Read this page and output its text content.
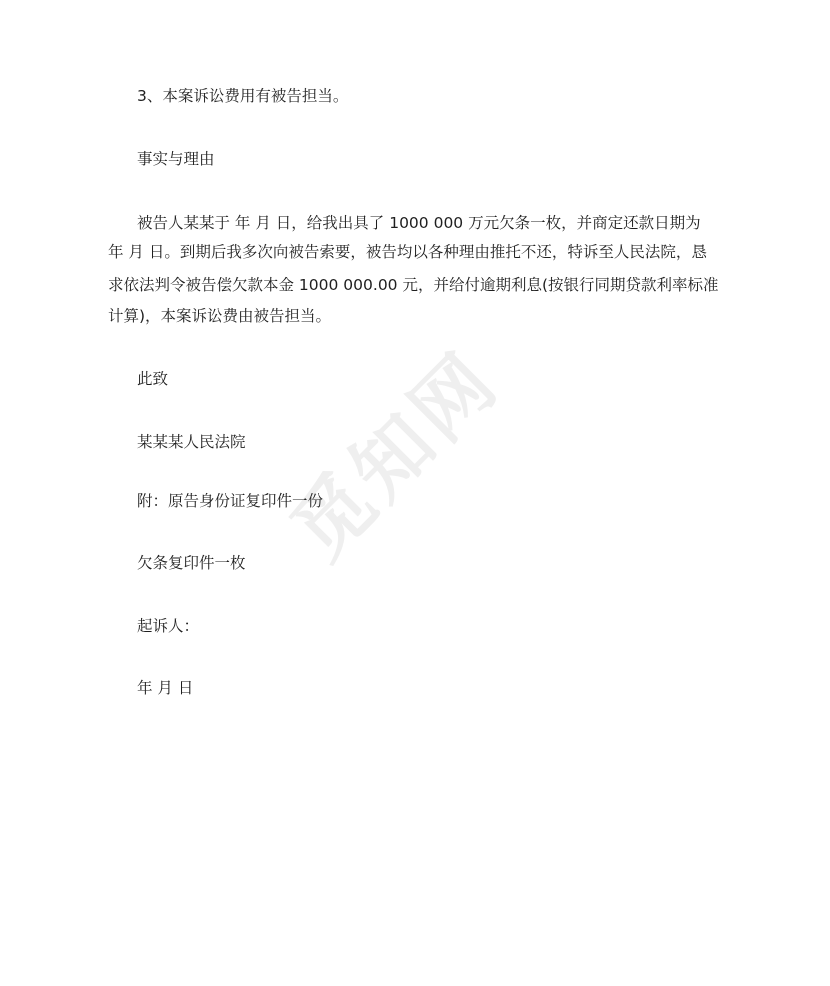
3、本案诉讼费用有被告担当。
事实与理由
被告人某某于 年 月 日，给我出具了 1000 000 万元欠条一枚，并商定还款日期为
年 月 日。到期后我多次向被告索要，被告均以各种理由推托不还，特诉至人民法院，恳
求依法判令被告偿欠款本金 1000 000.00 元，并给付逾期利息(按银行同期贷款利率标准
计算)，本案诉讼费由被告担当。
此致
某某某人民法院
附：原告身份证复印件一份
欠条复印件一枚
起诉人：
年 月 日
觅知网
